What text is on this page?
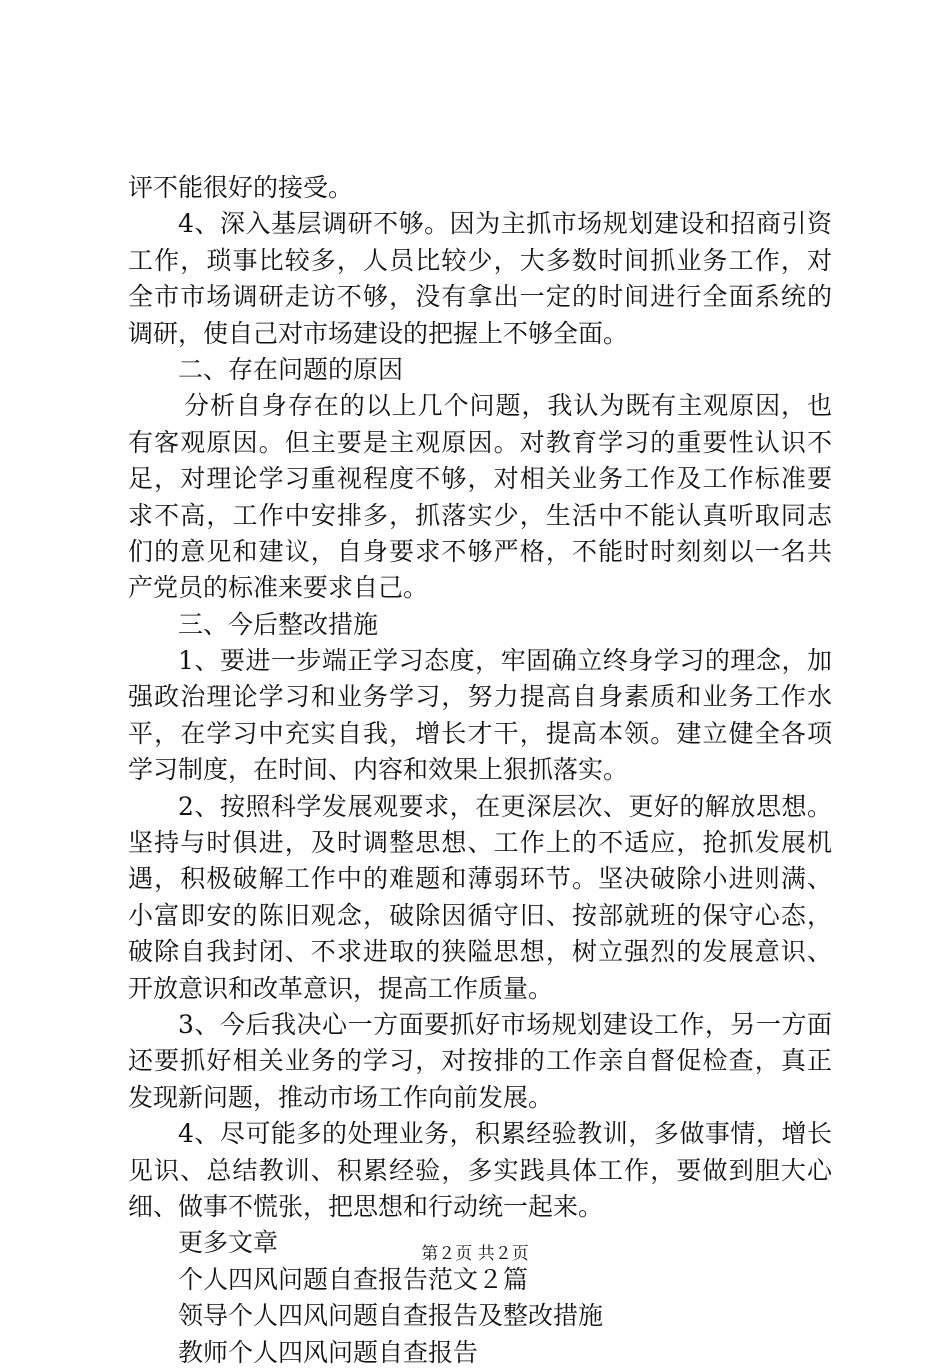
评不能很好的接受。
4、深入基层调研不够。因为主抓市场规划建设和招商引资
工作，琐事比较多，人员比较少，大多数时间抓业务工作，对
全市市场调研走访不够，没有拿出一定的时间进行全面系统的
调研，使自己对市场建设的把握上不够全面。
二、存在问题的原因
分析自身存在的以上几个问题，我认为既有主观原因，也
有客观原因。但主要是主观原因。对教育学习的重要性认识不
足，对理论学习重视程度不够，对相关业务工作及工作标准要
求不高，工作中安排多，抓落实少，生活中不能认真听取同志
们的意见和建议，自身要求不够严格，不能时时刻刻以一名共
产党员的标准来要求自己。
三、今后整改措施
1、要进一步端正学习态度，牢固确立终身学习的理念，加
强政治理论学习和业务学习，努力提高自身素质和业务工作水
平，在学习中充实自我，增长才干，提高本领。建立健全各项
学习制度，在时间、内容和效果上狠抓落实。
2、按照科学发展观要求，在更深层次、更好的解放思想。
坚持与时俱进，及时调整思想、工作上的不适应，抢抓发展机
遇，积极破解工作中的难题和薄弱环节。坚决破除小进则满、
小富即安的陈旧观念，破除因循守旧、按部就班的保守心态，
破除自我封闭、不求进取的狭隘思想，树立强烈的发展意识、
开放意识和改革意识，提高工作质量。
3、今后我决心一方面要抓好市场规划建设工作，另一方面
还要抓好相关业务的学习，对按排的工作亲自督促检查，真正
发现新问题，推动市场工作向前发展。
4、尽可能多的处理业务，积累经验教训，多做事情，增长
见识、总结教训、积累经验，多实践具体工作，要做到胆大心
细、做事不慌张，把思想和行动统一起来。
更多文章
个人四风问题自查报告范文２篇
领导个人四风问题自查报告及整改措施
教师个人四风问题自查报告
第２页 共２页
